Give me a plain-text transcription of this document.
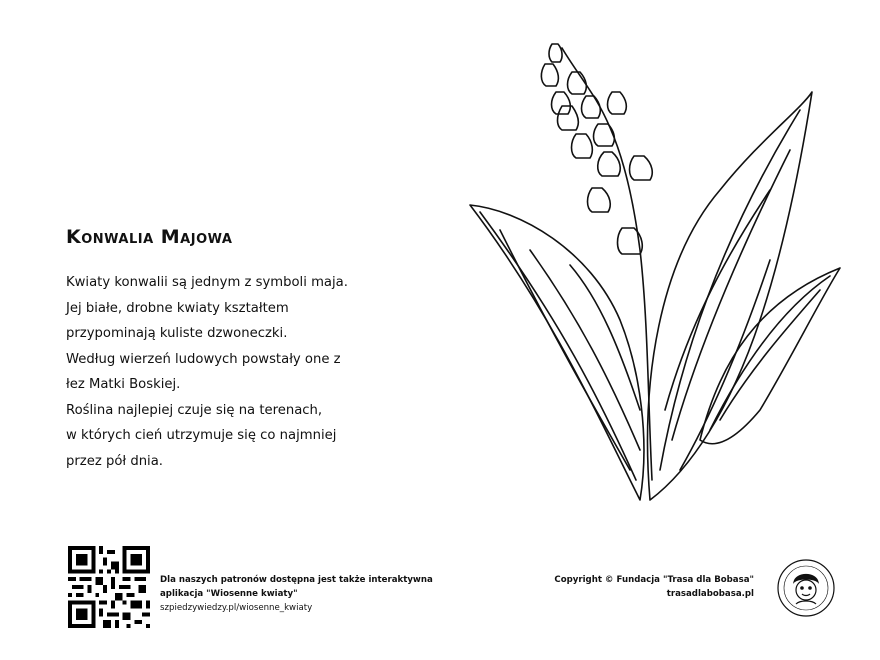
Konwalia Majowa
Kwiaty konwalii są jednym z symboli maja.
Jej białe, drobne kwiaty kształtem
przypominają kuliste dzwoneczki.
Według wierzeń ludowych powstały one z
łez Matki Boskiej.
Roślina najlepiej czuje się na terenach,
w których cień utrzymuje się co najmniej
przez pół dnia.
Dla naszych patronów dostępna jest także interaktywna
aplikacja "Wiosenne kwiaty"
szpiedzywiedzy.pl/wiosenne_kwiaty
Copyright © Fundacja "Trasa dla Bobasa"
trasadlabobasa.pl
